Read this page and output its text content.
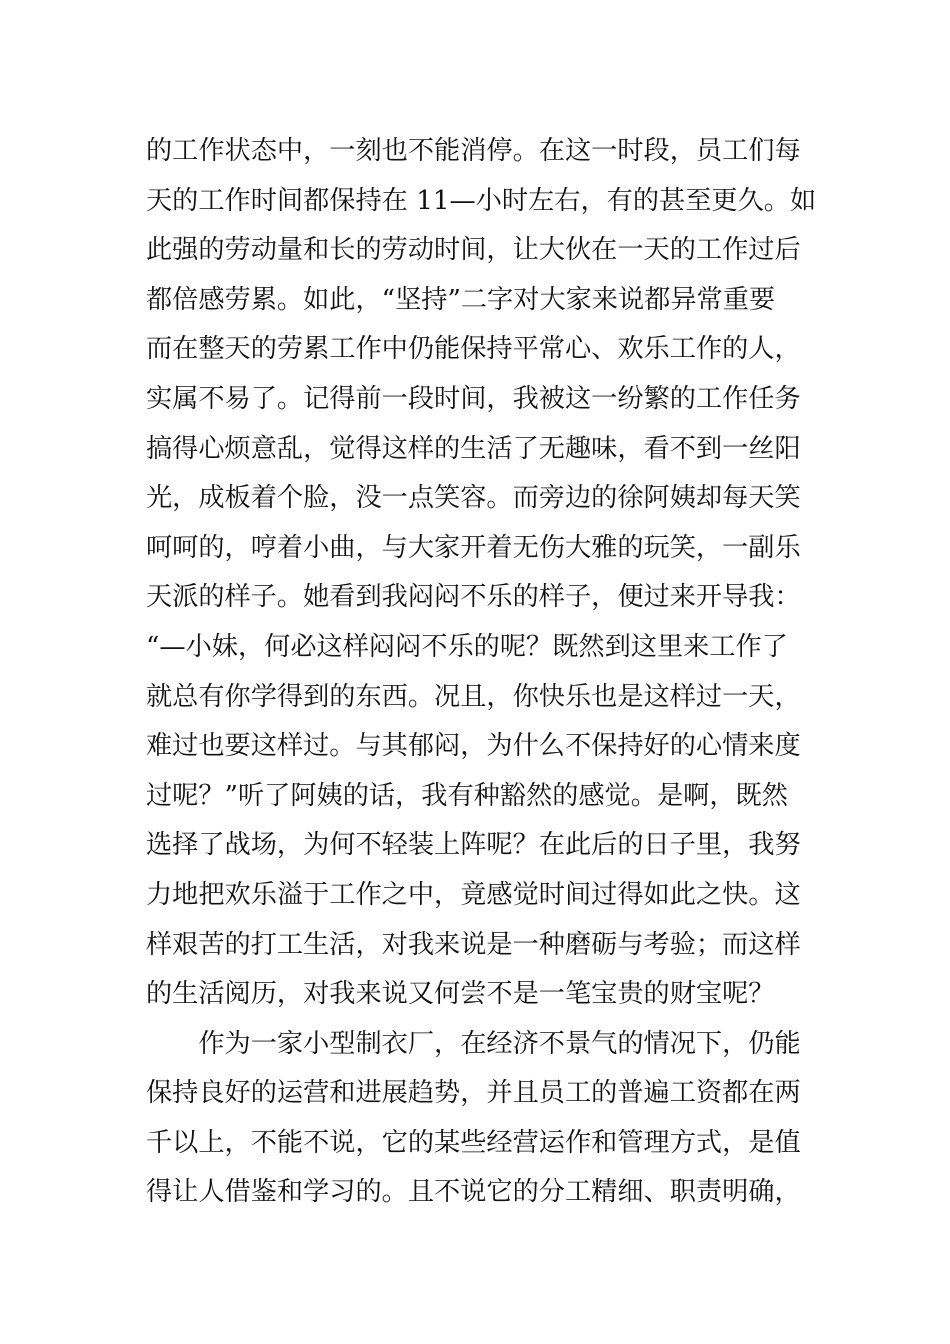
的工作状态中，一刻也不能消停。在这一时段，员工们每
天的工作时间都保持在 11—小时左右，有的甚至更久。如
此强的劳动量和长的劳动时间，让大伙在一天的工作过后
都倍感劳累。如此，“坚持”二字对大家来说都异常重要
而在整天的劳累工作中仍能保持平常心、欢乐工作的人，
实属不易了。记得前一段时间，我被这一纷繁的工作任务
搞得心烦意乱，觉得这样的生活了无趣味，看不到一丝阳
光，成板着个脸，没一点笑容。而旁边的徐阿姨却每天笑
呵呵的，哼着小曲，与大家开着无伤大雅的玩笑，一副乐
天派的样子。她看到我闷闷不乐的样子，便过来开导我：
“—小妹，何必这样闷闷不乐的呢？既然到这里来工作了
就总有你学得到的东西。况且，你快乐也是这样过一天，
难过也要这样过。与其郁闷，为什么不保持好的心情来度
过呢？”听了阿姨的话，我有种豁然的感觉。是啊，既然
选择了战场，为何不轻装上阵呢？在此后的日子里，我努
力地把欢乐溢于工作之中，竟感觉时间过得如此之快。这
样艰苦的打工生活，对我来说是一种磨砺与考验；而这样
的生活阅历，对我来说又何尝不是一笔宝贵的财宝呢？
　　作为一家小型制衣厂，在经济不景气的情况下，仍能
保持良好的运营和进展趋势，并且员工的普遍工资都在两
千以上，不能不说，它的某些经营运作和管理方式，是值
得让人借鉴和学习的。且不说它的分工精细、职责明确，
